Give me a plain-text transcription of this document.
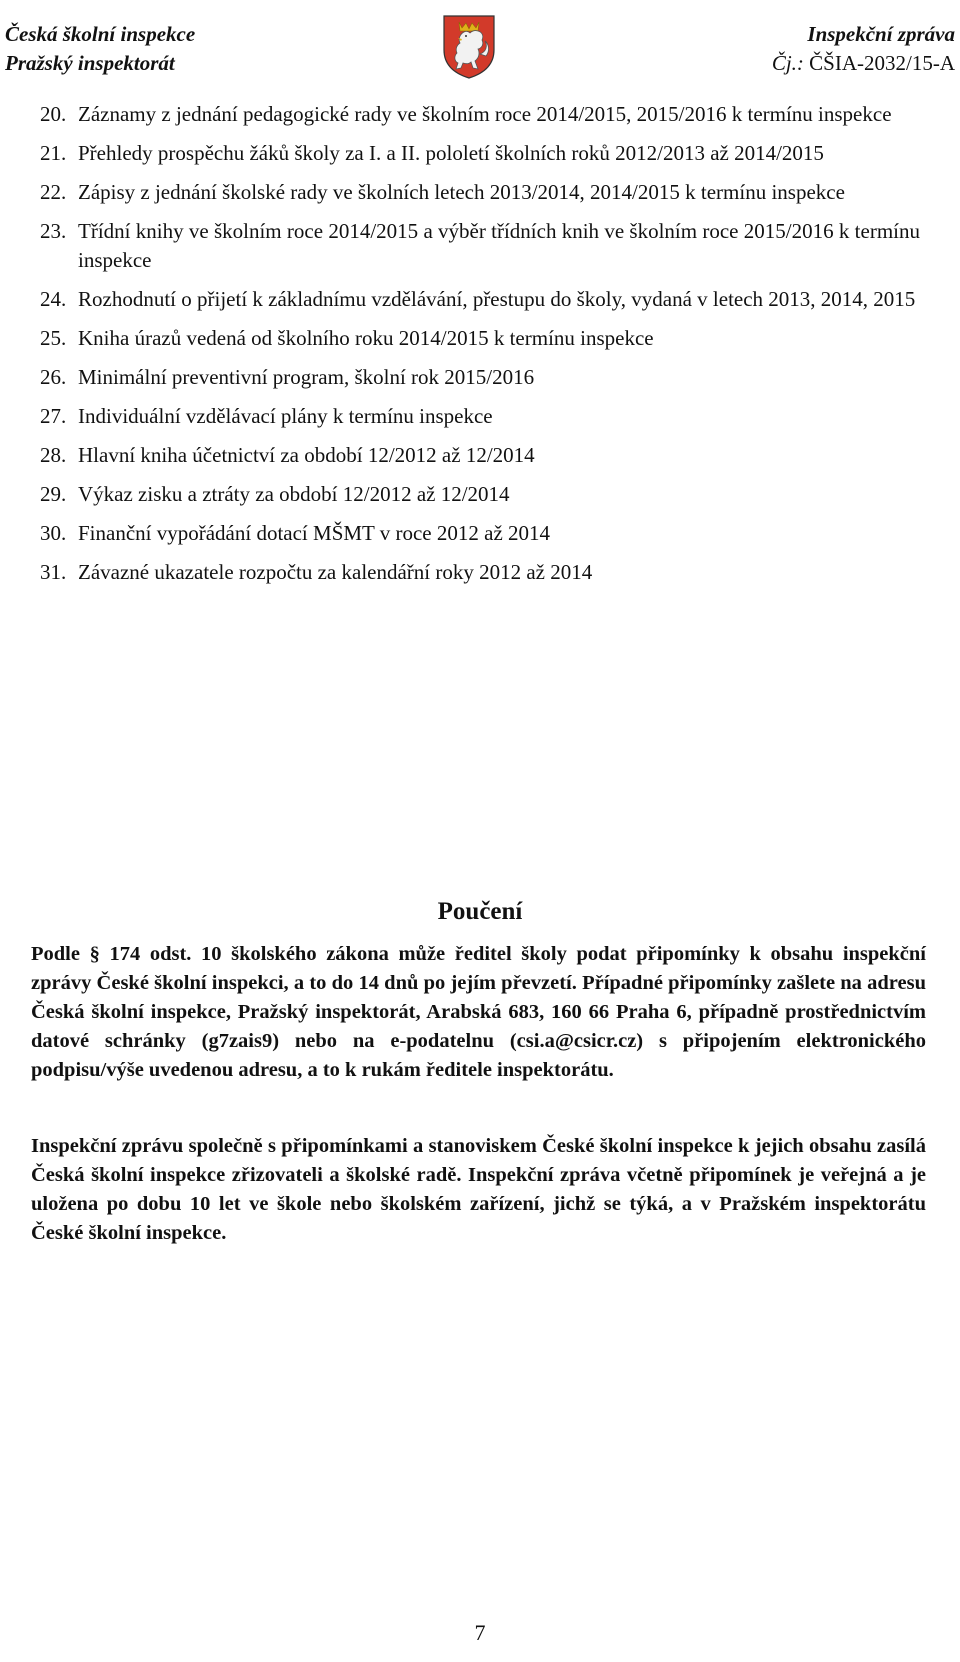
Česká školní inspekce
Pražský inspektorát
Inspekční zpráva
Čj.: ČŠIA-2032/15-A
20. Záznamy z jednání pedagogické rady ve školním roce 2014/2015, 2015/2016 k termínu inspekce
21. Přehledy prospěchu žáků školy za I. a II. pololetí školních roků 2012/2013 až 2014/2015
22. Zápisy z jednání školské rady ve školních letech 2013/2014, 2014/2015 k termínu inspekce
23. Třídní knihy ve školním roce 2014/2015 a výběr třídních knih ve školním roce 2015/2016 k termínu inspekce
24. Rozhodnutí o přijetí k základnímu vzdělávání, přestupu do školy, vydaná v letech 2013, 2014, 2015
25. Kniha úrazů vedená od školního roku 2014/2015 k termínu inspekce
26. Minimální preventivní program, školní rok 2015/2016
27. Individuální vzdělávací plány k termínu inspekce
28. Hlavní kniha účetnictví za období 12/2012 až 12/2014
29. Výkaz zisku a ztráty za období 12/2012 až 12/2014
30. Finanční vypořádání dotací MŠMT v roce 2012 až 2014
31. Závazné ukazatele rozpočtu za kalendářní roky 2012 až 2014
Poučení

Podle § 174 odst. 10 školského zákona může ředitel školy podat připomínky k obsahu inspekční zprávy České školní inspekci, a to do 14 dnů po jejím převzetí. Případné připomínky zašlete na adresu Česká školní inspekce, Pražský inspektorát, Arabská 683, 160 66 Praha 6, případně prostřednictvím datové schránky (g7zais9) nebo na e-podatelnu (csi.a@csicr.cz) s připojením elektronického podpisu/výše uvedenou adresu, a to k rukám ředitele inspektorátu.

Inspekční zprávu společně s připomínkami a stanoviskem České školní inspekce k jejich obsahu zasílá Česká školní inspekce zřizovateli a školské radě. Inspekční zpráva včetně připomínek je veřejná a je uložena po dobu 10 let ve škole nebo školském zařízení, jichž se týká, a v Pražském inspektorátu České školní inspekce.

7
